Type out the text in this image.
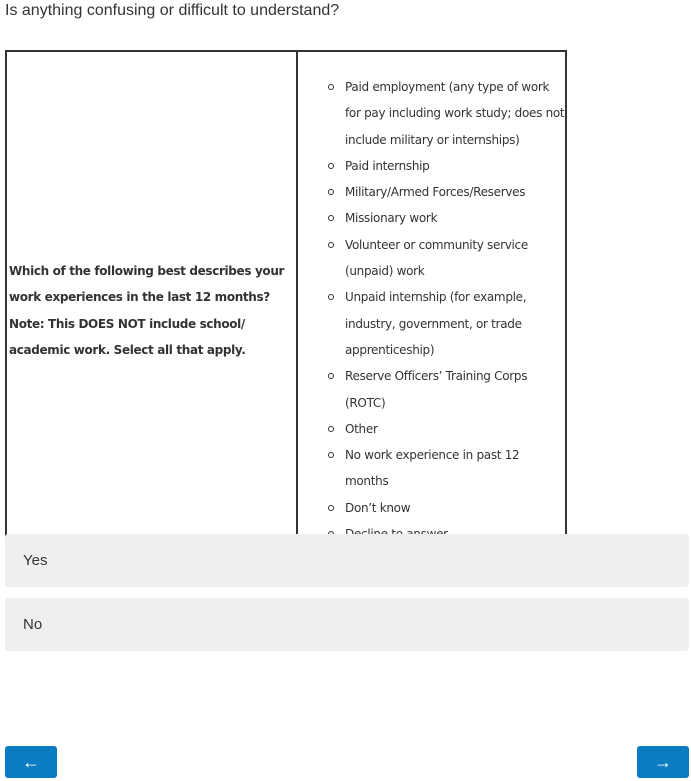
Is anything confusing or difficult to understand?
Which of the following best describes your work experiences in the last 12 months? Note: This DOES NOT include school/ academic work. Select all that apply.

Paid employment (any type of work for pay including work study; does not include military or internships)
Paid internship
Military/Armed Forces/Reserves
Missionary work
Volunteer or community service (unpaid) work
Unpaid internship (for example, industry, government, or trade apprenticeship)
Reserve Officers’ Training Corps (ROTC)
Other
No work experience in past 12 months
Don’t know
Yes
No
←	→
